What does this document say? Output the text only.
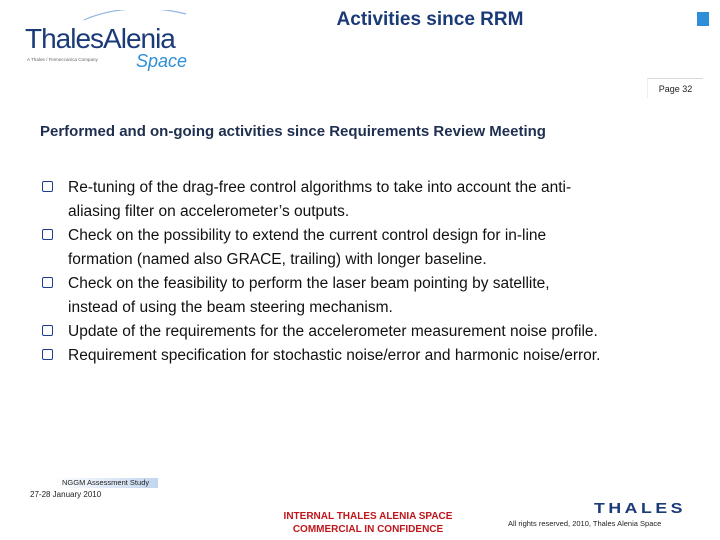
ThalesAlenia
A Thales / Finmeccanica Company Space
Activities since RRM
Page 32
Performed and on-going activities since Requirements Review Meeting
Re-tuning of the drag-free control algorithms to take into account the anti-
aliasing filter on accelerometer’s outputs.
Check on the possibility to extend the current control design for in-line
formation (named also GRACE, trailing) with longer baseline.
Check on the feasibility to perform the laser beam pointing by satellite,
instead of using the beam steering mechanism.
Update of the requirements for the accelerometer measurement noise profile.
Requirement specification for stochastic noise/error and harmonic noise/error.
NGGM Assessment Study
27-28 January 2010
INTERNAL THALES ALENIA SPACE
COMMERCIAL IN CONFIDENCE
THALES
All rights reserved, 2010, Thales Alenia Space
